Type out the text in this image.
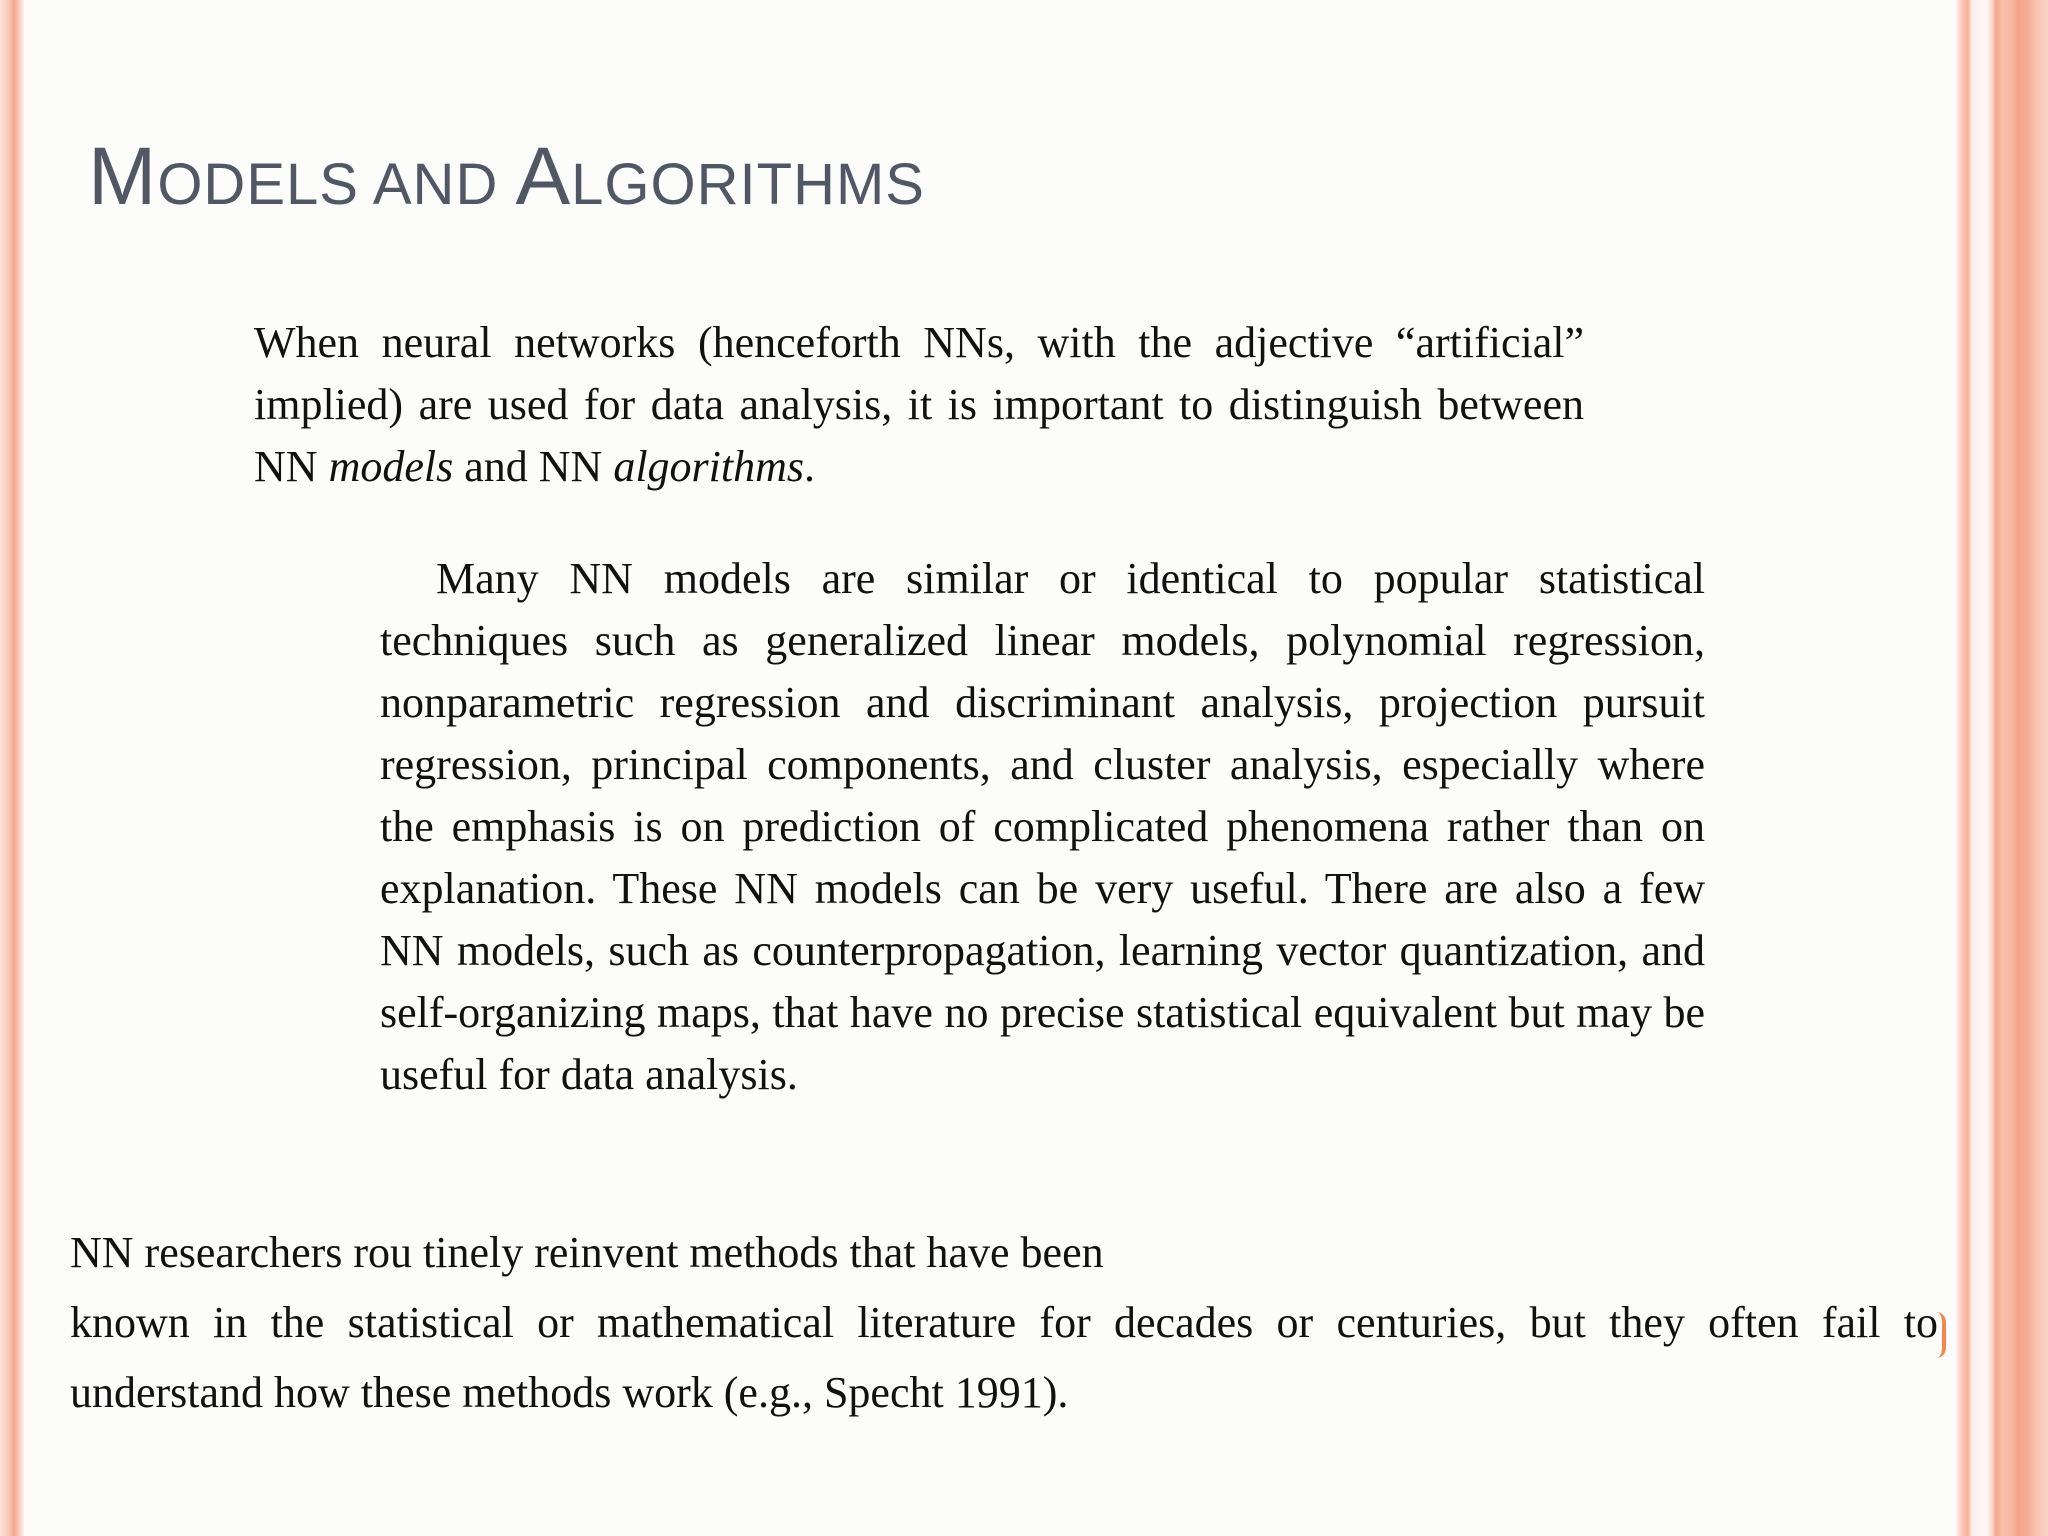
MODELS AND ALGORITHMS
When neural networks (henceforth NNs, with the adjective “artificial” implied) are used for data analysis, it is important to distinguish between NN models and NN algorithms.
Many NN models are similar or identical to popular statistical techniques such as generalized linear models, polynomial regression, nonparametric regression and discriminant analysis, projection pursuit regression, principal components, and cluster analysis, especially where the emphasis is on prediction of complicated phenomena rather than on explanation. These NN models can be very useful. There are also a few NN models, such as counterpropagation, learning vector quantization, and self-organizing maps, that have no precise statistical equivalent but may be useful for data analysis.
NN researchers rou tinely reinvent methods that have been
known in the statistical or mathematical literature for decades or centuries, but they often fail to understand how these methods work (e.g., Specht 1991).
